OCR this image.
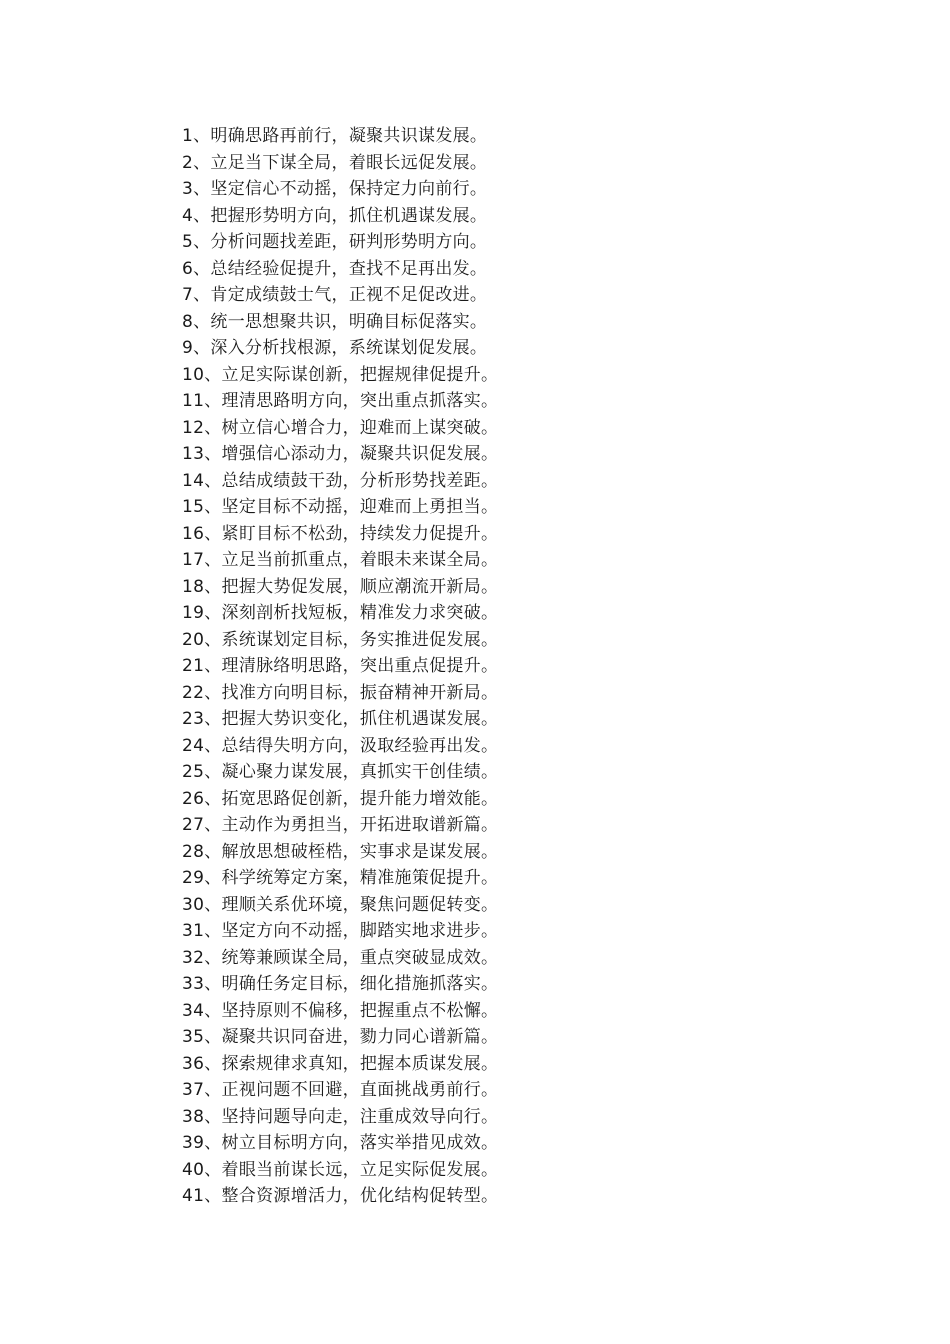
1、明确思路再前行，凝聚共识谋发展。
2、立足当下谋全局，着眼长远促发展。
3、坚定信心不动摇，保持定力向前行。
4、把握形势明方向，抓住机遇谋发展。
5、分析问题找差距，研判形势明方向。
6、总结经验促提升，查找不足再出发。
7、肯定成绩鼓士气，正视不足促改进。
8、统一思想聚共识，明确目标促落实。
9、深入分析找根源，系统谋划促发展。
10、立足实际谋创新，把握规律促提升。
11、理清思路明方向，突出重点抓落实。
12、树立信心增合力，迎难而上谋突破。
13、增强信心添动力，凝聚共识促发展。
14、总结成绩鼓干劲，分析形势找差距。
15、坚定目标不动摇，迎难而上勇担当。
16、紧盯目标不松劲，持续发力促提升。
17、立足当前抓重点，着眼未来谋全局。
18、把握大势促发展，顺应潮流开新局。
19、深刻剖析找短板，精准发力求突破。
20、系统谋划定目标，务实推进促发展。
21、理清脉络明思路，突出重点促提升。
22、找准方向明目标，振奋精神开新局。
23、把握大势识变化，抓住机遇谋发展。
24、总结得失明方向，汲取经验再出发。
25、凝心聚力谋发展，真抓实干创佳绩。
26、拓宽思路促创新，提升能力增效能。
27、主动作为勇担当，开拓进取谱新篇。
28、解放思想破桎梏，实事求是谋发展。
29、科学统筹定方案，精准施策促提升。
30、理顺关系优环境，聚焦问题促转变。
31、坚定方向不动摇，脚踏实地求进步。
32、统筹兼顾谋全局，重点突破显成效。
33、明确任务定目标，细化措施抓落实。
34、坚持原则不偏移，把握重点不松懈。
35、凝聚共识同奋进，勠力同心谱新篇。
36、探索规律求真知，把握本质谋发展。
37、正视问题不回避，直面挑战勇前行。
38、坚持问题导向走，注重成效导向行。
39、树立目标明方向，落实举措见成效。
40、着眼当前谋长远，立足实际促发展。
41、整合资源增活力，优化结构促转型。
